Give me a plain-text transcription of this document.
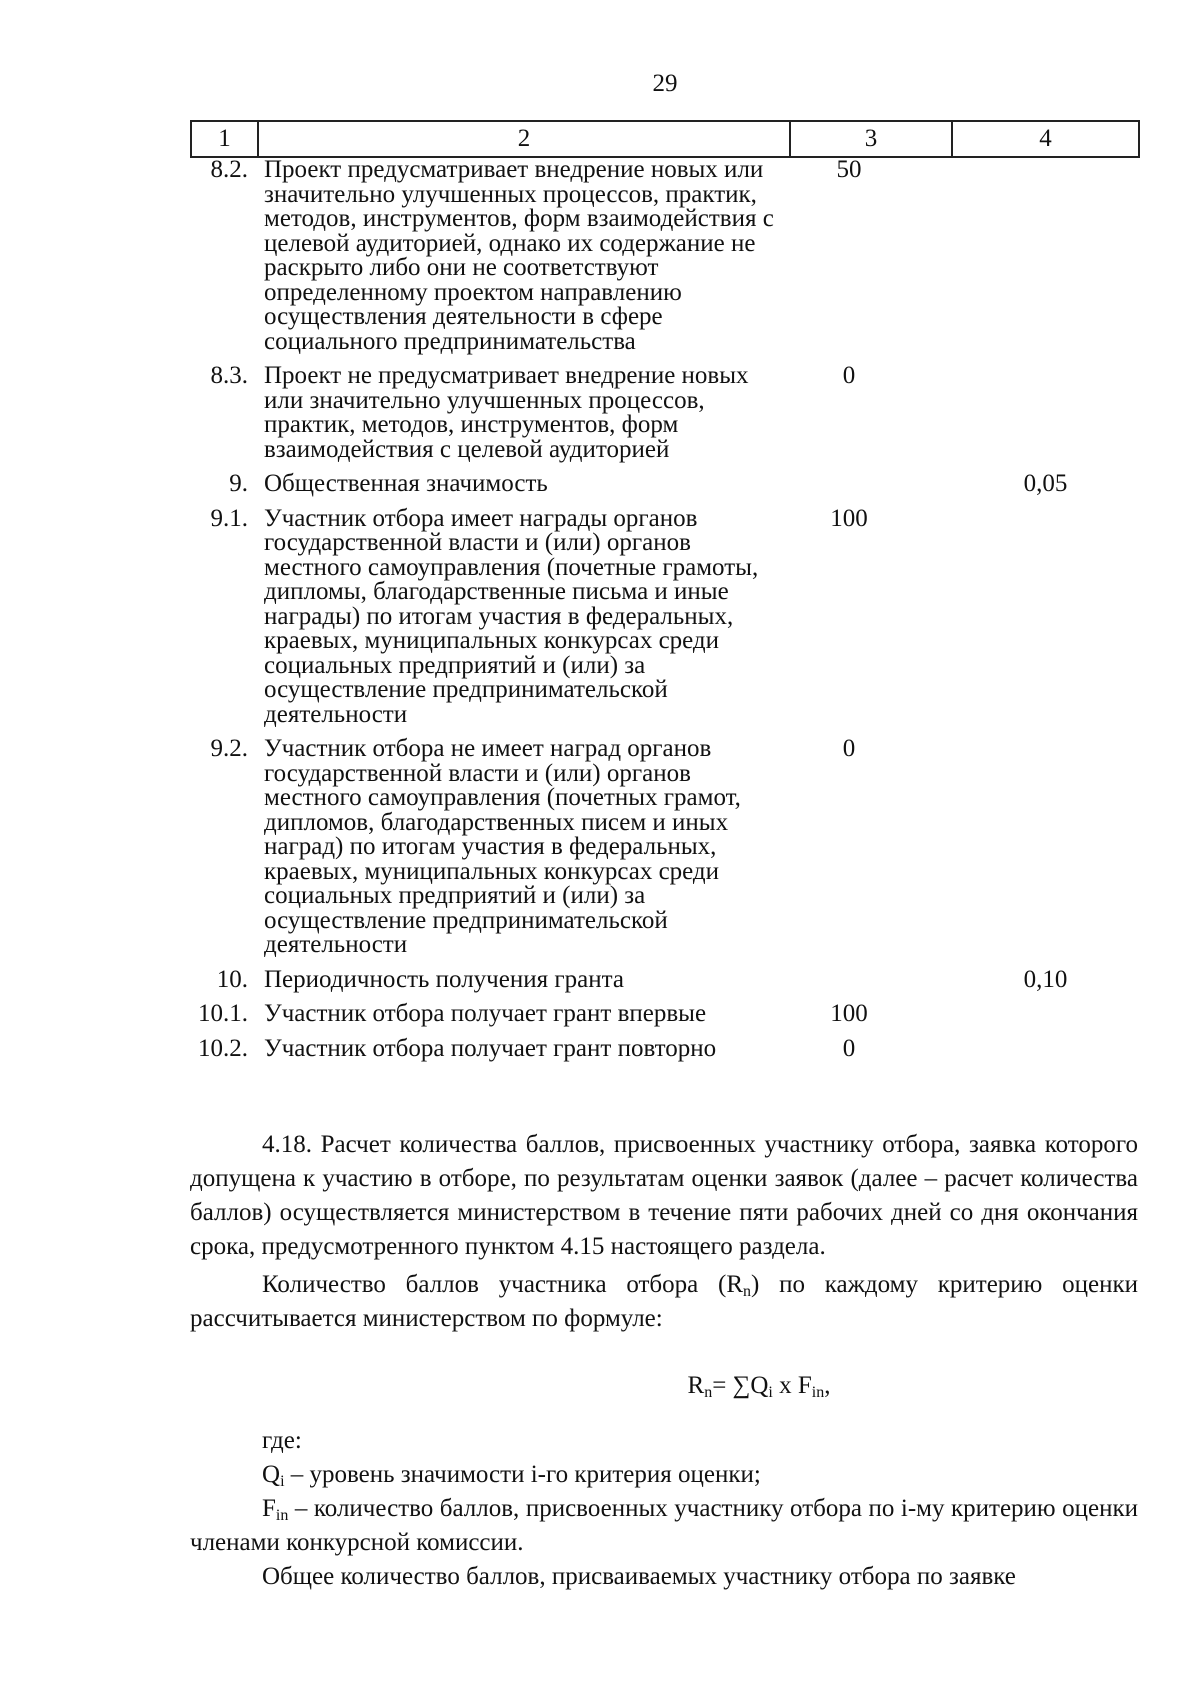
29
1	2	3	4
8.2.	Проект предусматривает внедрение новых или значительно улучшенных процессов, практик, методов, инструментов, форм взаимодействия с целевой аудиторией, однако их содержание не раскрыто либо они не соответствуют определенному проектом направлению осуществления деятельности в сфере социального предпринимательства	50	
8.3.	Проект не предусматривает внедрение новых или значительно улучшенных процессов, практик, методов, инструментов, форм взаимодействия с целевой аудиторией	0	
9.	Общественная значимость		0,05
9.1.	Участник отбора имеет награды органов государственной власти и (или) органов местного самоуправления (почетные грамоты, дипломы, благодарственные письма и иные награды) по итогам участия в федеральных, краевых, муниципальных конкурсах среди социальных предприятий и (или) за осуществление предпринимательской деятельности	100	
9.2.	Участник отбора не имеет наград органов государственной власти и (или) органов местного самоуправления (почетных грамот, дипломов, благодарственных писем и иных наград) по итогам участия в федеральных, краевых, муниципальных конкурсах среди социальных предприятий и (или) за осуществление предпринимательской деятельности	0	
10.	Периодичность получения гранта		0,10
10.1.	Участник отбора получает грант впервые	100	
10.2.	Участник отбора получает грант повторно	0	

4.18. Расчет количества баллов, присвоенных участнику отбора, заявка которого допущена к участию в отборе, по результатам оценки заявок (далее – расчет количества баллов) осуществляется министерством в течение пяти рабочих дней со дня окончания срока, предусмотренного пунктом 4.15 настоящего раздела.

Количество баллов участника отбора $(R_n)$ по каждому критерию оценки рассчитывается министерством по формуле:

$R_n= \sum Q_i$ x $F_{in}$,

где:

$Q_i$ – уровень значимости i-го критерия оценки;

$F_{in}$ – количество баллов, присвоенных участнику отбора по i-му критерию оценки членами конкурсной комиссии.

Общее количество баллов, присваиваемых участнику отбора по заявке
